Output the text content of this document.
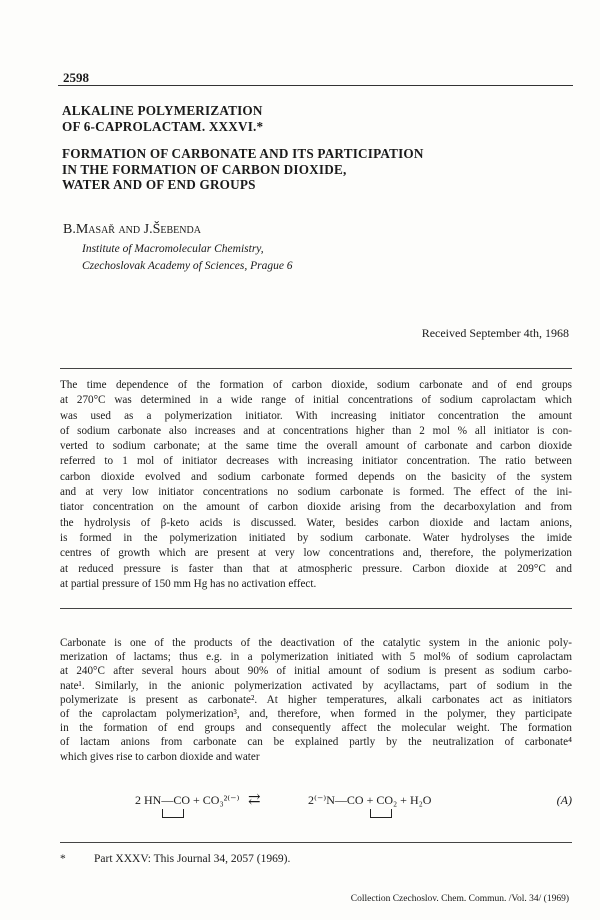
2598
ALKALINE POLYMERIZATION
OF 6-CAPROLACTAM. XXXVI.*
FORMATION OF CARBONATE AND ITS PARTICIPATION
IN THE FORMATION OF CARBON DIOXIDE,
WATER AND OF END GROUPS
B.Masař and J.Šebenda
Institute of Macromolecular Chemistry,
Czechoslovak Academy of Sciences, Prague 6
Received September 4th, 1968
The time dependence of the formation of carbon dioxide, sodium carbonate and of end groups
at 270°C was determined in a wide range of initial concentrations of sodium caprolactam which
was used as a polymerization initiator. With increasing initiator concentration the amount
of sodium carbonate also increases and at concentrations higher than 2 mol % all initiator is con-
verted to sodium carbonate; at the same time the overall amount of carbonate and carbon dioxide
referred to 1 mol of initiator decreases with increasing initiator concentration. The ratio between
carbon dioxide evolved and sodium carbonate formed depends on the basicity of the system
and at very low initiator concentrations no sodium carbonate is formed. The effect of the ini-
tiator concentration on the amount of carbon dioxide arising from the decarboxylation and from
the hydrolysis of β-keto acids is discussed. Water, besides carbon dioxide and lactam anions,
is formed in the polymerization initiated by sodium carbonate. Water hydrolyses the imide
centres of growth which are present at very low concentrations and, therefore, the polymerization
at reduced pressure is faster than that at atmospheric pressure. Carbon dioxide at 209°C and
at partial pressure of 150 mm Hg has no activation effect.
Carbonate is one of the products of the deactivation of the catalytic system in the anionic poly-
merization of lactams; thus e.g. in a polymerization initiated with 5 mol% of sodium caprolactam
at 240°C after several hours about 90% of initial amount of sodium is present as sodium carbo-
nate¹. Similarly, in the anionic polymerization activated by acyllactams, part of sodium in the
polymerizate is present as carbonate². At higher temperatures, alkali carbonates act as initiators
of the caprolactam polymerization³, and, therefore, when formed in the polymer, they participate
in the formation of end groups and consequently affect the molecular weight. The formation
of lactam anions from carbonate can be explained partly by the neutralization of carbonate⁴
which gives rise to carbon dioxide and water
2 HN—CO + CO₃²⁽⁻⁾ ⇄	2⁽⁻⁾N—CO + CO₂ + H₂O	(A)
* Part XXXV: This Journal 34, 2057 (1969).
Collection Czechoslov. Chem. Commun. /Vol. 34/ (1969)
